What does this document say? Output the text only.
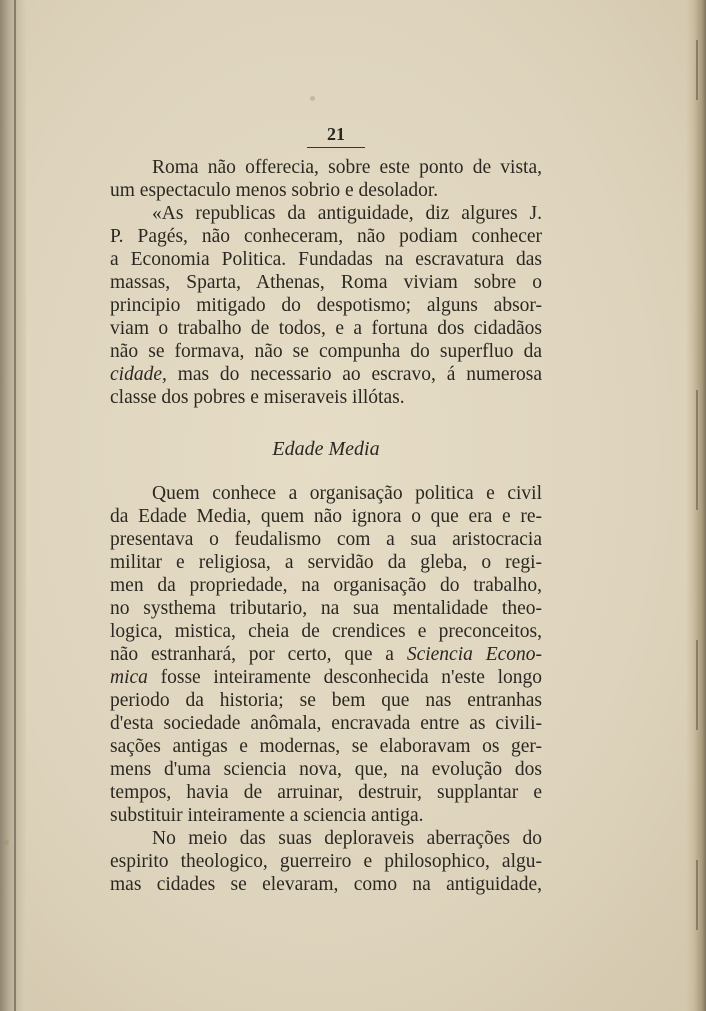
21
Roma não offerecia, sobre este ponto de vista,
um espectaculo menos sobrio e desolador.
«As republicas da antiguidade, diz algures J.
P. Pagés, não conheceram, não podiam conhecer
a Economia Politica. Fundadas na escravatura das
massas, Sparta, Athenas, Roma viviam sobre o
principio mitigado do despotismo; alguns absor-
viam o trabalho de todos, e a fortuna dos cidadãos
não se formava, não se compunha do superfluo da
cidade, mas do necessario ao escravo, á numerosa
classe dos pobres e miseraveis illótas.
Edade Media
Quem conhece a organisação politica e civil
da Edade Media, quem não ignora o que era e re-
presentava o feudalismo com a sua aristocracia
militar e religiosa, a servidão da gleba, o regi-
men da propriedade, na organisação do trabalho,
no systhema tributario, na sua mentalidade theo-
logica, mistica, cheia de crendices e preconceitos,
não estranhará, por certo, que a Sciencia Econo-
mica fosse inteiramente desconhecida n'este longo
periodo da historia; se bem que nas entranhas
d'esta sociedade anômala, encravada entre as civili-
sações antigas e modernas, se elaboravam os ger-
mens d'uma sciencia nova, que, na evolução dos
tempos, havia de arruinar, destruir, supplantar e
substituir inteiramente a sciencia antiga.
No meio das suas deploraveis aberrações do
espirito theologico, guerreiro e philosophico, algu-
mas cidades se elevaram, como na antiguidade,
